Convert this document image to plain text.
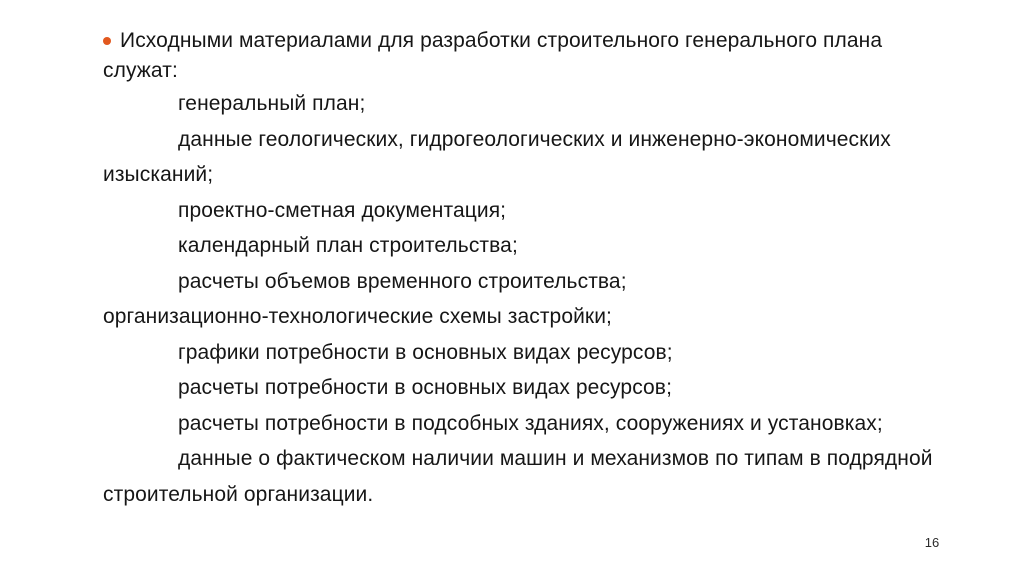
Исходными материалами для разработки строительного генерального плана
служат:
генеральный план;
данные геологических, гидрогеологических и инженерно-экономических
изысканий;
проектно-сметная документация;
календарный план строительства;
расчеты объемов временного строительства;
организационно-технологические схемы застройки;
графики потребности в основных видах ресурсов;
расчеты потребности в основных видах ресурсов;
расчеты потребности в подсобных зданиях, сооружениях и установках;
данные о фактическом наличии машин и механизмов по типам в подрядной
строительной организации.
16
